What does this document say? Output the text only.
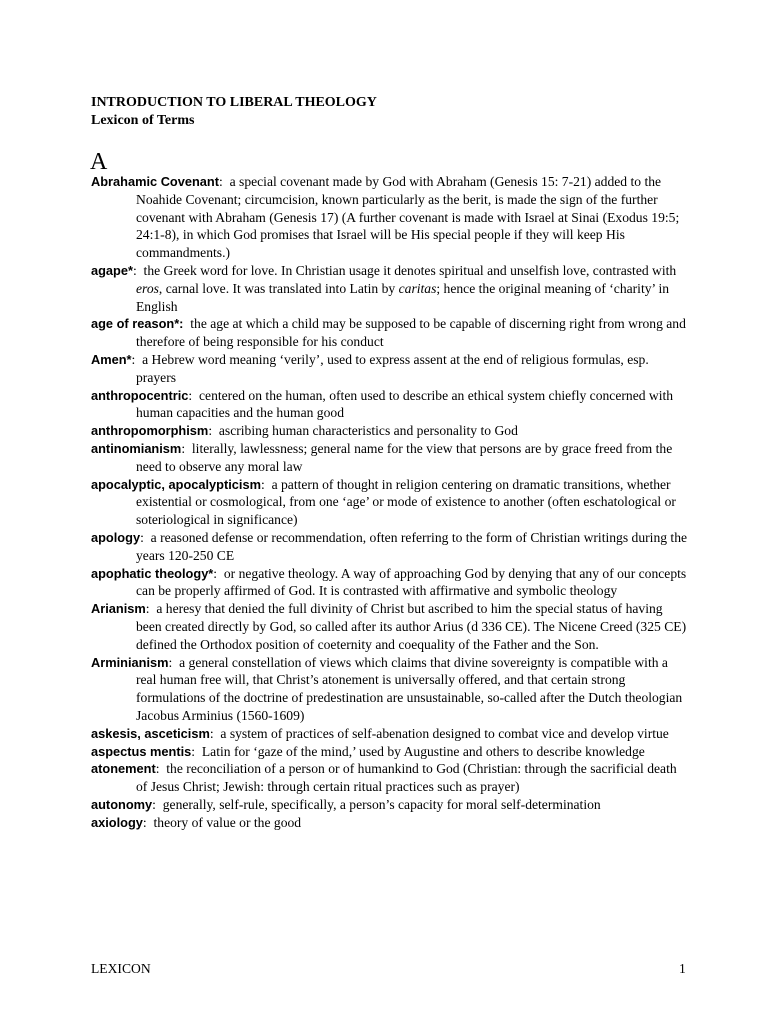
INTRODUCTION TO LIBERAL THEOLOGY
Lexicon of Terms
A
Abrahamic Covenant:  a special covenant made by God with Abraham (Genesis 15: 7-21) added to the Noahide Covenant; circumcision, known particularly as the berit, is made the sign of the further covenant with Abraham (Genesis 17) (A further covenant is made with Israel at Sinai (Exodus 19:5; 24:1-8), in which God promises that Israel will be His special people if they will keep His commandments.)
agape*:  the Greek word for love. In Christian usage it denotes spiritual and unselfish love, contrasted with eros, carnal love. It was translated into Latin by caritas; hence the original meaning of ‘charity’ in English
age of reason*: the age at which a child may be supposed to be capable of discerning right from wrong and therefore of being responsible for his conduct
Amen*:  a Hebrew word meaning ‘verily’, used to express assent at the end of religious formulas, esp. prayers
anthropocentric:  centered on the human, often used to describe an ethical system chiefly concerned with human capacities and the human good
anthropomorphism:  ascribing human characteristics and personality to God
antinomianism:  literally, lawlessness; general name for the view that persons are by grace freed from the need to observe any moral law
apocalyptic, apocalypticism:  a pattern of thought in religion centering on dramatic transitions, whether existential or cosmological, from one ‘age’ or mode of existence to another (often eschatological or soteriological in significance)
apology:  a reasoned defense or recommendation, often referring to the form of Christian writings during the years 120-250 CE
apophatic theology*:  or negative theology. A way of approaching God by denying that any of our concepts can be properly affirmed of God. It is contrasted with affirmative and symbolic theology
Arianism:  a heresy that denied the full divinity of Christ but ascribed to him the special status of having been created directly by God, so called after its author Arius (d 336 CE). The Nicene Creed (325 CE) defined the Orthodox position of coeternity and coequality of the Father and the Son.
Arminianism:  a general constellation of views which claims that divine sovereignty is compatible with a real human free will, that Christ’s atonement is universally offered, and that certain strong formulations of the doctrine of predestination are unsustainable, so-called after the Dutch theologian Jacobus Arminius (1560-1609)
askesis, asceticism:  a system of practices of self-abenation designed to combat vice and develop virtue
aspectus mentis:  Latin for ‘gaze of the mind,’ used by Augustine and others to describe knowledge
atonement:  the reconciliation of a person or of humankind to God (Christian: through the sacrificial death of Jesus Christ; Jewish: through certain ritual practices such as prayer)
autonomy:  generally, self-rule, specifically, a person’s capacity for moral self-determination
axiology:  theory of value or the good
LEXICON	1
